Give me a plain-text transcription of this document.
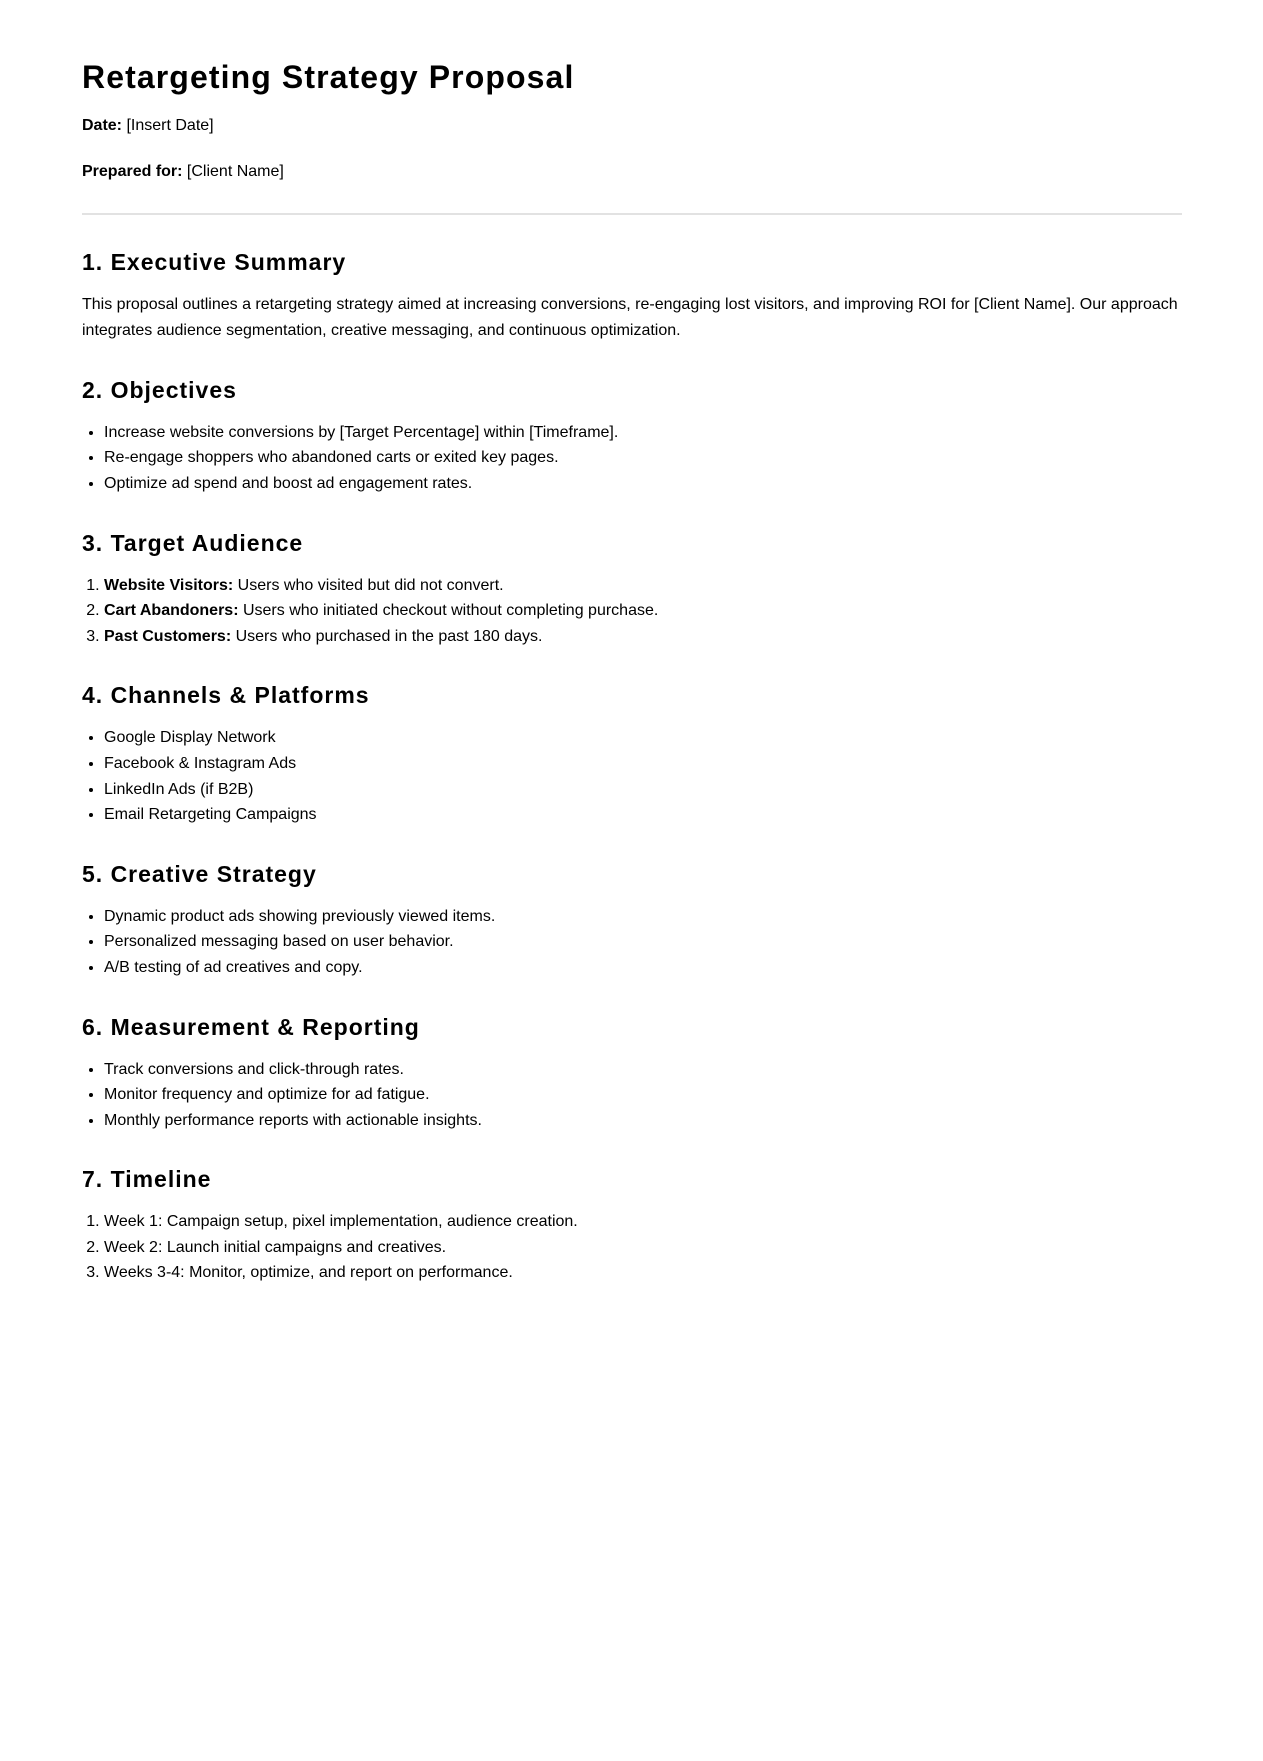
Retargeting Strategy Proposal

Date: [Insert Date]

Prepared for: [Client Name]

1. Executive Summary

This proposal outlines a retargeting strategy aimed at increasing conversions, re-engaging lost visitors, and improving ROI for [Client Name]. Our approach integrates audience segmentation, creative messaging, and continuous optimization.

2. Objectives
• Increase website conversions by [Target Percentage] within [Timeframe].
• Re-engage shoppers who abandoned carts or exited key pages.
• Optimize ad spend and boost ad engagement rates.
3. Target Audience
1. Website Visitors: Users who visited but did not convert.
2. Cart Abandoners: Users who initiated checkout without completing purchase.
3. Past Customers: Users who purchased in the past 180 days.
4. Channels & Platforms
• Google Display Network
• Facebook & Instagram Ads
• LinkedIn Ads (if B2B)
• Email Retargeting Campaigns
5. Creative Strategy
• Dynamic product ads showing previously viewed items.
• Personalized messaging based on user behavior.
• A/B testing of ad creatives and copy.
6. Measurement & Reporting
• Track conversions and click-through rates.
• Monitor frequency and optimize for ad fatigue.
• Monthly performance reports with actionable insights.
7. Timeline
1. Week 1: Campaign setup, pixel implementation, audience creation.
2. Week 2: Launch initial campaigns and creatives.
3. Weeks 3-4: Monitor, optimize, and report on performance.
